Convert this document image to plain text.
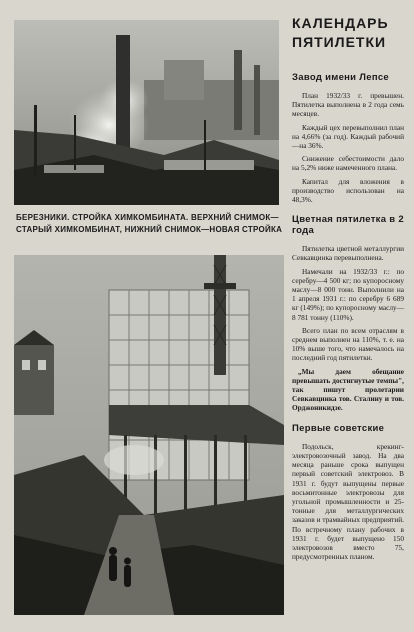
БЕРЕЗНИКИ. СТРОЙКА ХИМКОМБИНАТА. ВЕРХНИЙ СНИМОК—СТАРЫЙ ХИМКОМБИНАТ, НИЖНИЙ СНИМОК—НОВАЯ СТРОЙКА
КАЛЕНДАРЬ ПЯТИЛЕТКИ
Завод имени Лепсе
План 1932/33 г. превышен. Пятилетка выполнена в 2 года семь месяцев.
Каждый цех перевыполнил план на 4,66% (за год). Каждый рабочий—на 36%.
Снижение себестоимости дало на 5,2% ниже намеченного плана.
Капитал для вложения в производство использован на 48,3%.
Цветная пятилетка в 2 года
Пятилетка цветной металлургии Севкавцинка перевыполнена.
Намечали на 1932/33 г.: по серебру—4 500 кг; по купоросному маслу—8 000 тонн. Выполнили на 1 апреля 1931 г.: по серебру 6 689 кг (149%); по купоросному маслу—8 781 тонну (110%).
Всего план по всем отраслям в среднем выполнен на 110%, т. е. на 10% выше того, что намечалось на последний год пятилетки.
„Мы даем обещание превышать достигнутые темпы", так пишут пролетарии Севкавцинка тов. Сталину и тов. Орджоникидзе.
Первые советские
Подольск, крекинг-электровозочный завод. На два месяца раньше срока выпущен первый советский электровоз. В 1931 г. будут выпущены первые восьмитонные электровозы для угольной промышленности и 25-тонные для металлургических заказов и трамвайных предприятий. По встречному плану рабочих в 1931 г. будет выпущено 150 электровозов вместо 75, предусмотренных планом.
